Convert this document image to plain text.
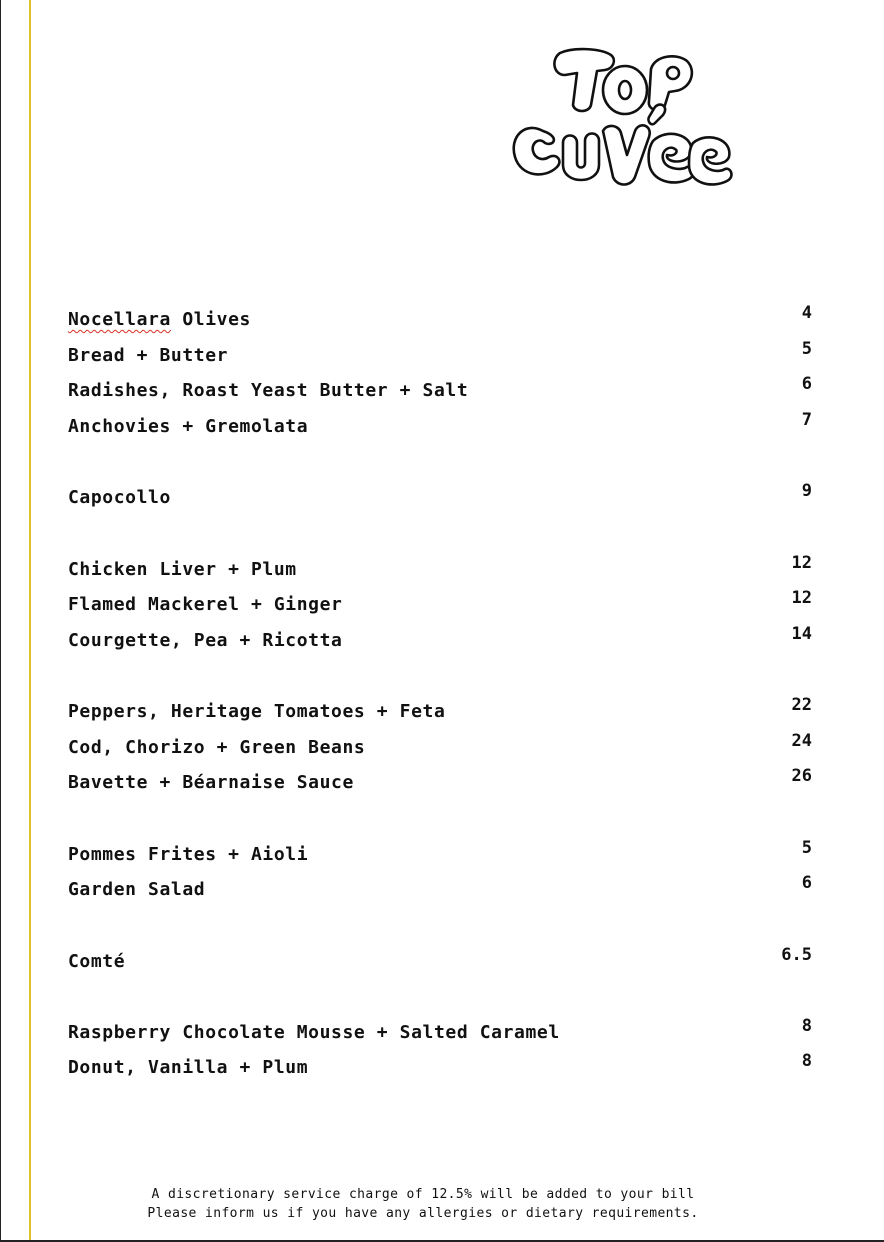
Nocellara Olives	4
Bread + Butter	5
Radishes, Roast Yeast Butter + Salt	6
Anchovies + Gremolata	7
Capocollo	9
Chicken Liver + Plum	12
Flamed Mackerel + Ginger	12
Courgette, Pea + Ricotta	14
Peppers, Heritage Tomatoes + Feta	22
Cod, Chorizo + Green Beans	24
Bavette + Béarnaise Sauce	26
Pommes Frites + Aioli	5
Garden Salad	6
Comté	6.5
Raspberry Chocolate Mousse + Salted Caramel	8
Donut, Vanilla + Plum	8
A discretionary service charge of 12.5% will be added to your bill
Please inform us if you have any allergies or dietary requirements.
